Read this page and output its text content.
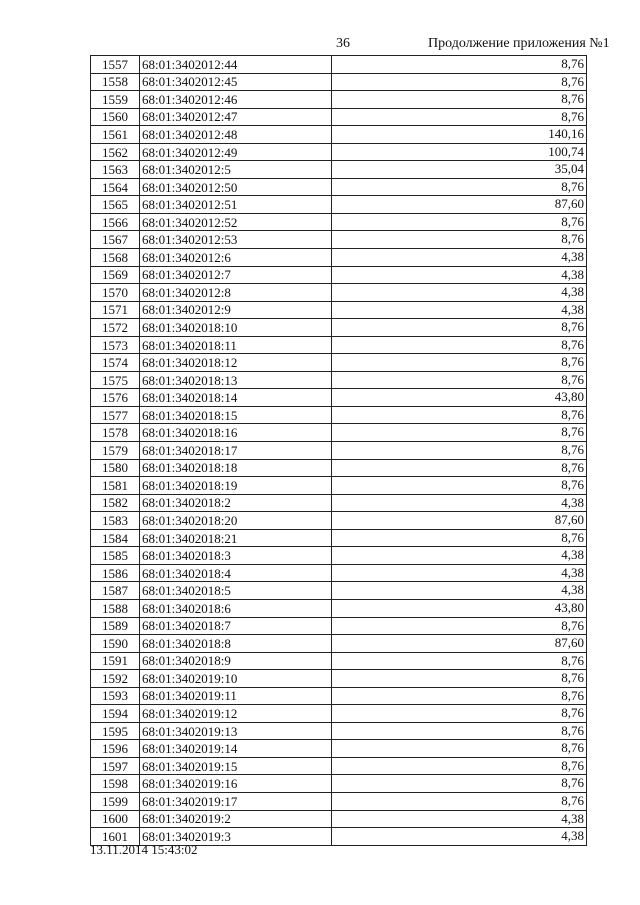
36	Продолжение приложения №1
1557	68:01:3402012:44	8,76
1558	68:01:3402012:45	8,76
1559	68:01:3402012:46	8,76
1560	68:01:3402012:47	8,76
1561	68:01:3402012:48	140,16
1562	68:01:3402012:49	100,74
1563	68:01:3402012:5	35,04
1564	68:01:3402012:50	8,76
1565	68:01:3402012:51	87,60
1566	68:01:3402012:52	8,76
1567	68:01:3402012:53	8,76
1568	68:01:3402012:6	4,38
1569	68:01:3402012:7	4,38
1570	68:01:3402012:8	4,38
1571	68:01:3402012:9	4,38
1572	68:01:3402018:10	8,76
1573	68:01:3402018:11	8,76
1574	68:01:3402018:12	8,76
1575	68:01:3402018:13	8,76
1576	68:01:3402018:14	43,80
1577	68:01:3402018:15	8,76
1578	68:01:3402018:16	8,76
1579	68:01:3402018:17	8,76
1580	68:01:3402018:18	8,76
1581	68:01:3402018:19	8,76
1582	68:01:3402018:2	4,38
1583	68:01:3402018:20	87,60
1584	68:01:3402018:21	8,76
1585	68:01:3402018:3	4,38
1586	68:01:3402018:4	4,38
1587	68:01:3402018:5	4,38
1588	68:01:3402018:6	43,80
1589	68:01:3402018:7	8,76
1590	68:01:3402018:8	87,60
1591	68:01:3402018:9	8,76
1592	68:01:3402019:10	8,76
1593	68:01:3402019:11	8,76
1594	68:01:3402019:12	8,76
1595	68:01:3402019:13	8,76
1596	68:01:3402019:14	8,76
1597	68:01:3402019:15	8,76
1598	68:01:3402019:16	8,76
1599	68:01:3402019:17	8,76
1600	68:01:3402019:2	4,38
1601	68:01:3402019:3	4,38
13.11.2014 15:43:02
